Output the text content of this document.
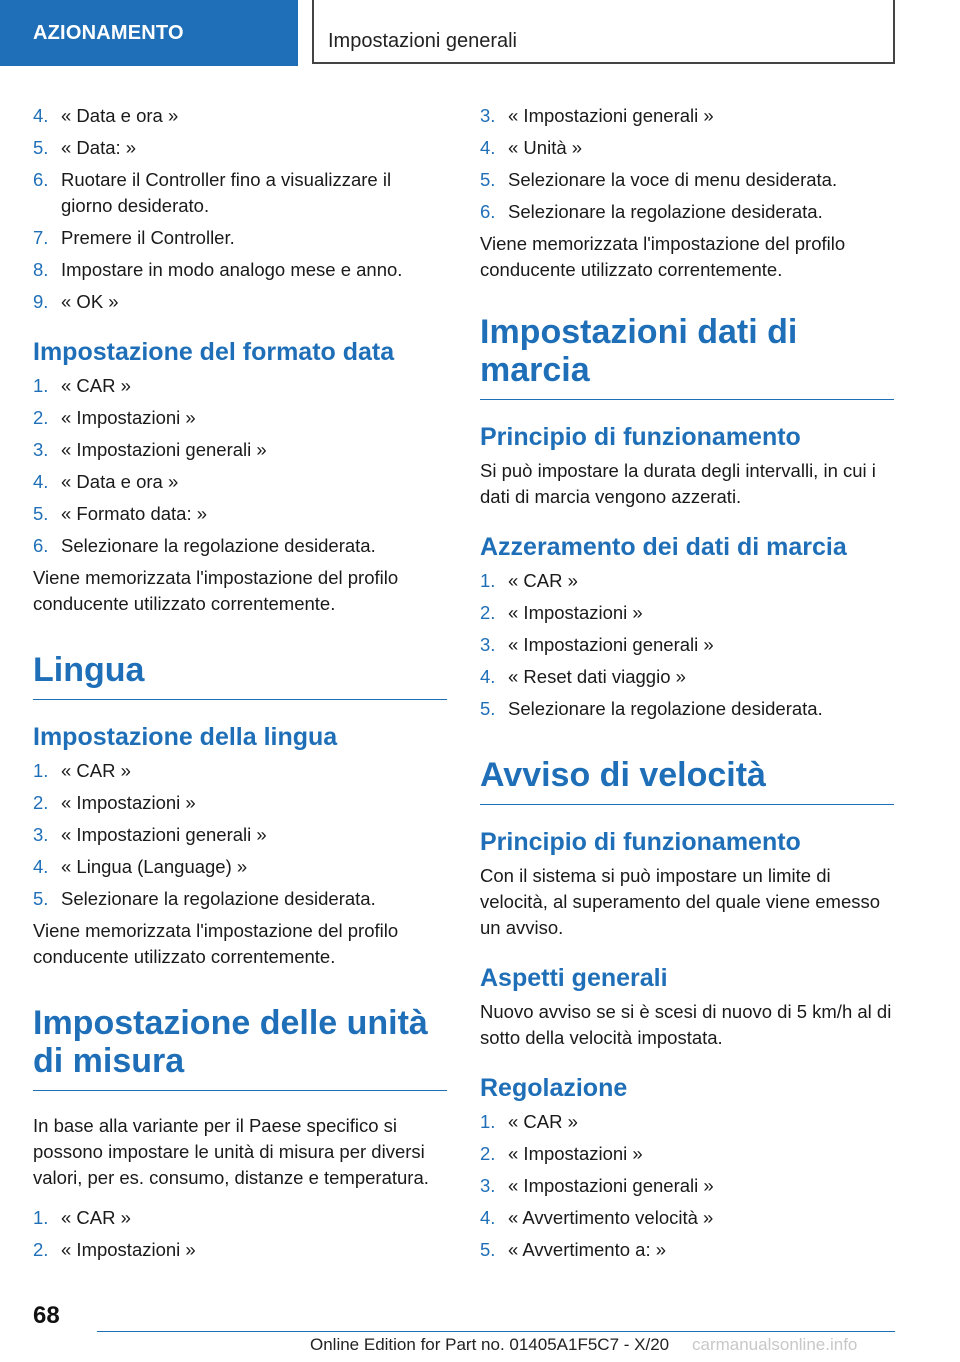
AZIONAMENTO	Impostazioni generali
4. « Data e ora »
5. « Data: »
6. Ruotare il Controller fino a visualizzare il giorno desiderato.
7. Premere il Controller.
8. Impostare in modo analogo mese e anno.
9. « OK »
Impostazione del formato data
1. « CAR »
2. « Impostazioni »
3. « Impostazioni generali »
4. « Data e ora »
5. « Formato data: »
6. Selezionare la regolazione desiderata.

Viene memorizzata l'impostazione del profilo conducente utilizzato correntemente.

Lingua
Impostazione della lingua
1. « CAR »
2. « Impostazioni »
3. « Impostazioni generali »
4. « Lingua (Language) »
5. Selezionare la regolazione desiderata.

Viene memorizzata l'impostazione del profilo conducente utilizzato correntemente.

Impostazione delle unità di misura

In base alla variante per il Paese specifico si possono impostare le unità di misura per diversi valori, per es. consumo, distanze e temperatura.

1. « CAR »
2. « Impostazioni »
3. « Impostazioni generali »
4. « Unità »
5. Selezionare la voce di menu desiderata.
6. Selezionare la regolazione desiderata.

Viene memorizzata l'impostazione del profilo conducente utilizzato correntemente.

Impostazioni dati di marcia
Principio di funzionamento

Si può impostare la durata degli intervalli, in cui i dati di marcia vengono azzerati.

Azzeramento dei dati di marcia
1. « CAR »
2. « Impostazioni »
3. « Impostazioni generali »
4. « Reset dati viaggio »
5. Selezionare la regolazione desiderata.
Avviso di velocità
Principio di funzionamento

Con il sistema si può impostare un limite di velocità, al superamento del quale viene emesso un avviso.

Aspetti generali

Nuovo avviso se si è scesi di nuovo di 5 km/h al di sotto della velocità impostata.

Regolazione
1. « CAR »
2. « Impostazioni »
3. « Impostazioni generali »
4. « Avvertimento velocità »
5. « Avvertimento a: »
68
Online Edition for Part no. 01405A1F5C7 - X/20 carmanualsonline.info
